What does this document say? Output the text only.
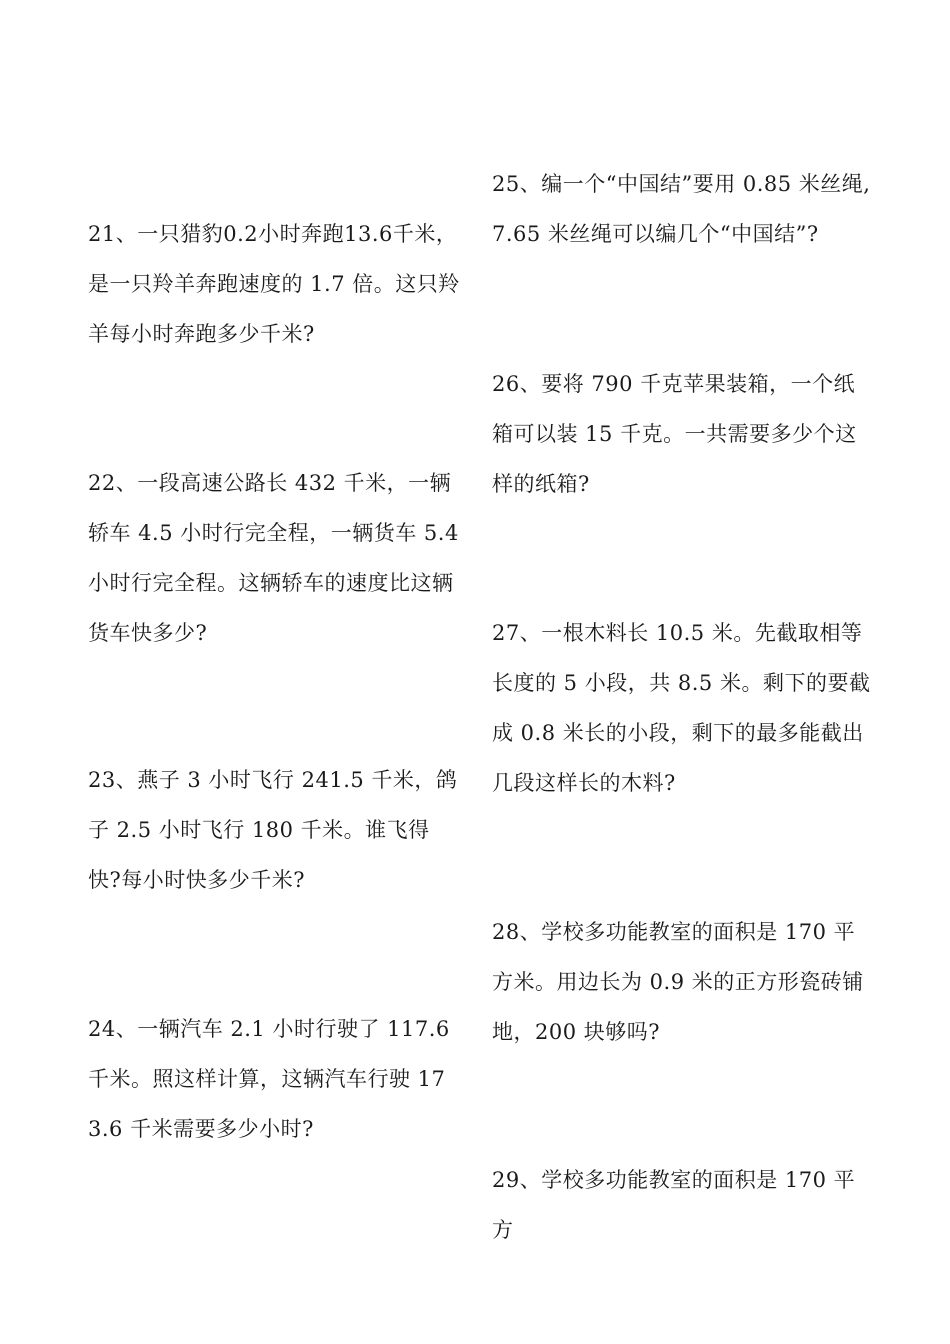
21、一只猎豹0.2小时奔跑13.6千米，是一只羚羊奔跑速度的 1.7 倍。这只羚羊每小时奔跑多少千米?

22、一段高速公路长 432 千米，一辆轿车 4.5 小时行完全程，一辆货车 5.4 小时行完全程。这辆轿车的速度比这辆货车快多少?

23、燕子 3 小时飞行 241.5 千米，鸽子 2.5 小时飞行 180 千米。谁飞得快?每小时快多少千米?

24、一辆汽车 2.1 小时行驶了 117.6 千米。照这样计算，这辆汽车行驶 173.6 千米需要多少小时?

25、编一个“中国结”要用 0.85 米丝绳,7.65 米丝绳可以编几个“中国结”?

26、要将 790 千克苹果装箱，一个纸箱可以装 15 千克。一共需要多少个这样的纸箱?

27、一根木料长 10.5 米。先截取相等长度的 5 小段，共 8.5 米。剩下的要截成 0.8 米长的小段，剩下的最多能截出几段这样长的木料?

28、学校多功能教室的面积是 170 平方米。用边长为 0.9 米的正方形瓷砖铺地，200 块够吗?

29、学校多功能教室的面积是 170 平方
